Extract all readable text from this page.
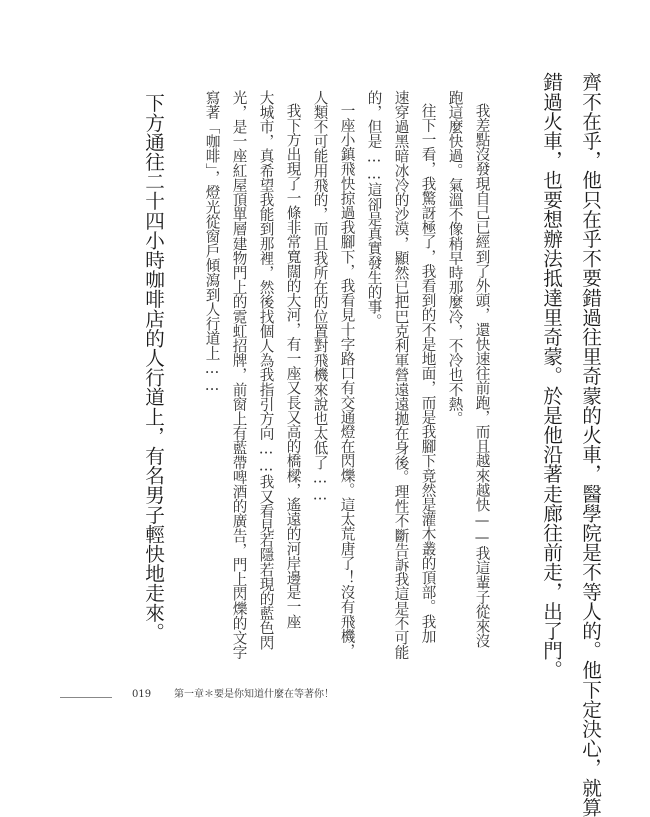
齊不在乎，他只在乎不要錯過往里奇蒙的火車，醫學院是不等人的。他下定決心，就算
錯過火車，也要想辦法抵達里奇蒙。於是他沿著走廊往前走，出了門。
我差點沒發現自己已經到了外頭，還快速往前跑，而且越來越快——我這輩子從來沒
跑這麼快過。氣溫不像稍早時那麼冷，不冷也不熱。
往下一看，我驚訝極了，我看到的不是地面，而是我腳下竟然是灌木叢的頂部。我加
速穿過黑暗冰冷的沙漠，顯然已把巴克利軍營遠遠拋在身後。理性不斷告訴我這是不可能
的，但是……這卻是真實發生的事。
一座小鎮飛快掠過我腳下，我看見十字路口有交通燈在閃爍。這太荒唐了！沒有飛機，
人類不可能用飛的，而且我所在的位置對飛機來說也太低了……
我下方出現了一條非常寬闊的大河，有一座又長又高的橋樑，遙遠的河岸邊是一座
大城市，真希望我能到那裡，然後找個人為我指引方向……我又看見若隱若現的藍色閃
光，是一座紅屋頂單層建物門上的霓虹招牌，前窗上有藍帶啤酒的廣告，門上閃爍的文字
寫著「咖啡」，燈光從窗戶傾瀉到人行道上……
下方通往二十四小時咖啡店的人行道上，有名男子輕快地走來。
019 第一章＊要是你知道什麼在等著你！
